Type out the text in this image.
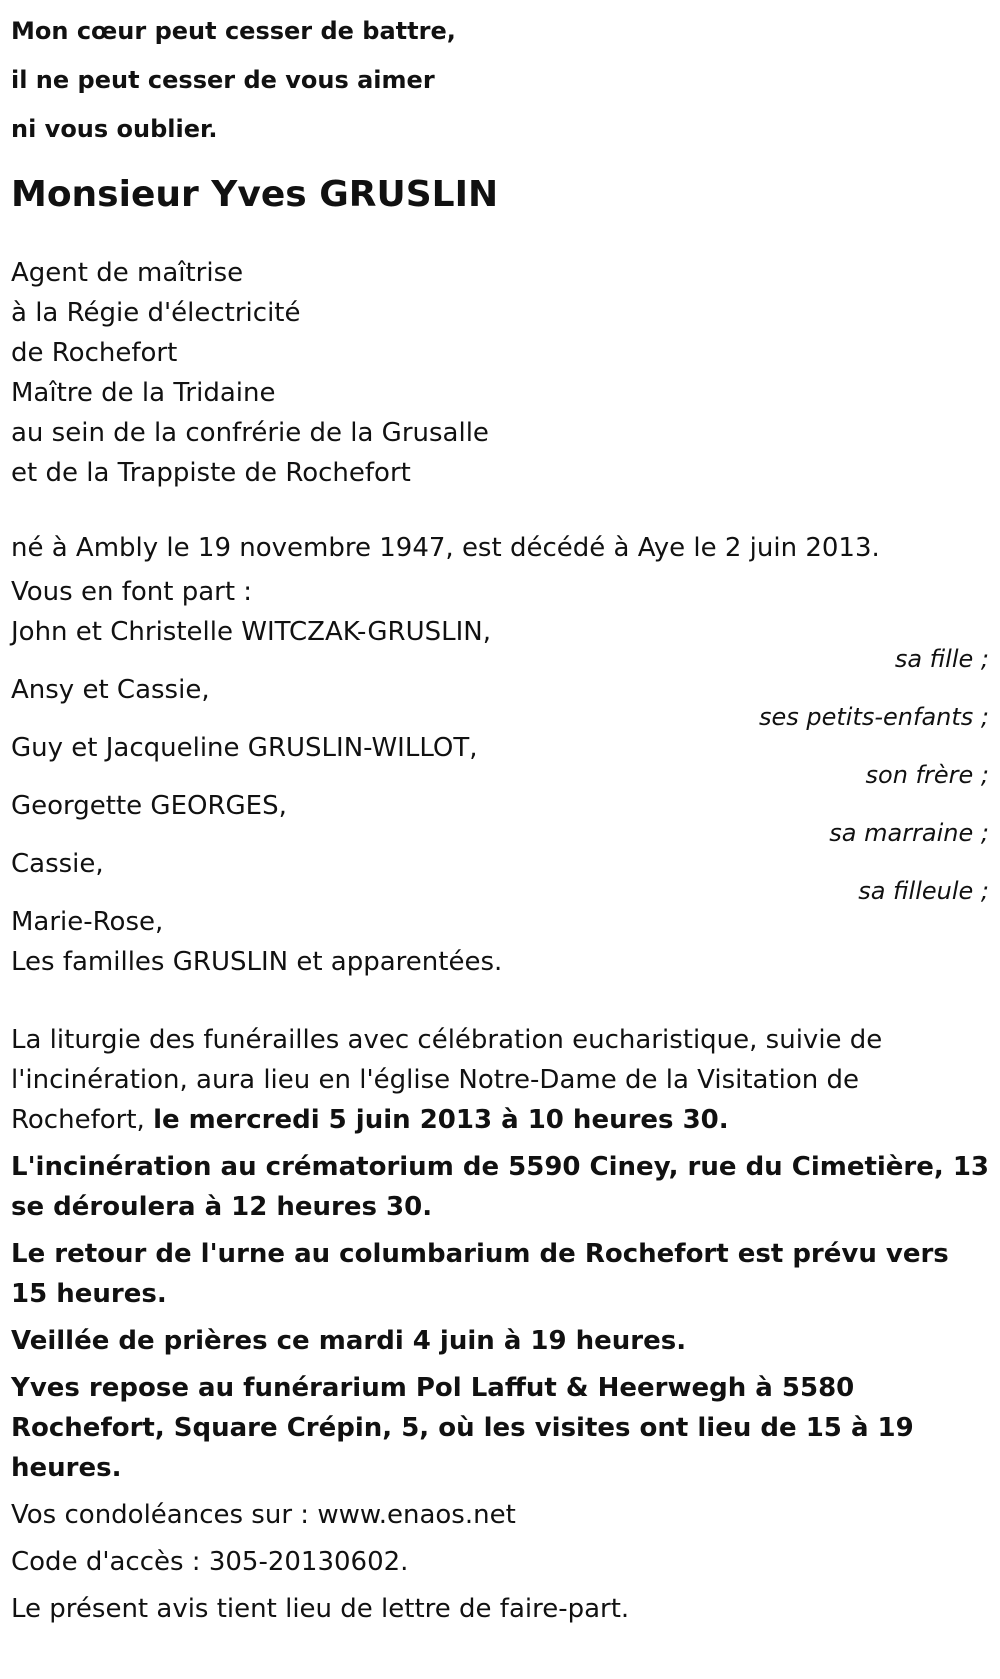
Mon cœur peut cesser de battre,
il ne peut cesser de vous aimer
ni vous oublier.
Monsieur Yves GRUSLIN
Agent de maîtrise
à la Régie d'électricité
de Rochefort
Maître de la Tridaine
au sein de la confrérie de la Grusalle
et de la Trappiste de Rochefort
né à Ambly le 19 novembre 1947, est décédé à Aye le 2 juin 2013.
Vous en font part :
John et Christelle WITCZAK-GRUSLIN,
sa fille ;
Ansy et Cassie,
ses petits-enfants ;
Guy et Jacqueline GRUSLIN-WILLOT,
son frère ;
Georgette GEORGES,
sa marraine ;
Cassie,
sa filleule ;
Marie-Rose,
Les familles GRUSLIN et apparentées.
La liturgie des funérailles avec célébration eucharistique, suivie de l'incinération, aura lieu en l'église Notre-Dame de la Visitation de Rochefort, le mercredi 5 juin 2013 à 10 heures 30.
L'incinération au crématorium de 5590 Ciney, rue du Cimetière, 13 se déroulera à 12 heures 30.
Le retour de l'urne au columbarium de Rochefort est prévu vers 15 heures.
Veillée de prières ce mardi 4 juin à 19 heures.
Yves repose au funérarium Pol Laffut & Heerwegh à 5580 Rochefort, Square Crépin, 5, où les visites ont lieu de 15 à 19 heures.
Vos condoléances sur : www.enaos.net
Code d'accès : 305-20130602.
Le présent avis tient lieu de lettre de faire-part.
